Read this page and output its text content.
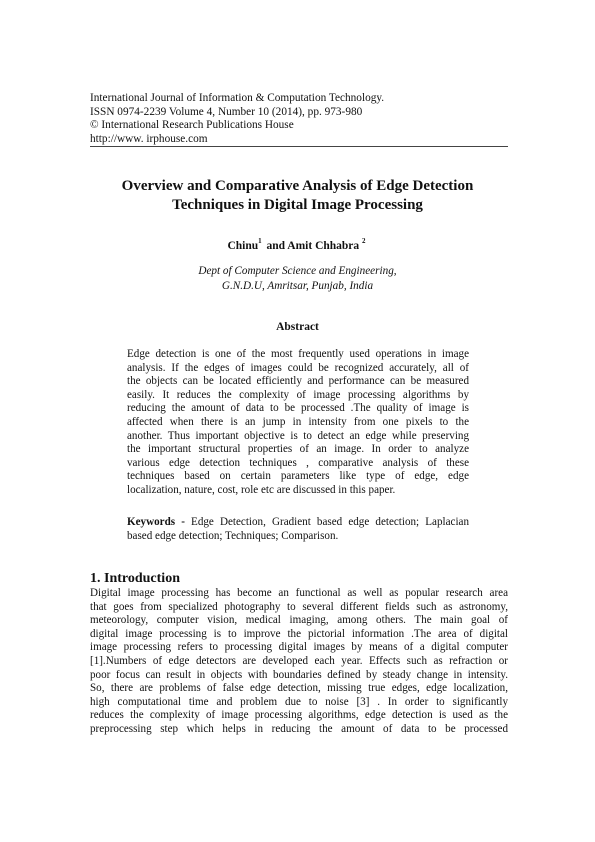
International Journal of Information & Computation Technology.
ISSN 0974-2239 Volume 4, Number 10 (2014), pp. 973-980
© International Research Publications House
http://www. irphouse.com
Overview and Comparative Analysis of Edge Detection
Techniques in Digital Image Processing
Chinu$^1$ and Amit Chhabra $^2$
Dept of Computer Science and Engineering,
G.N.D.U, Amritsar, Punjab, India
Abstract
Edge detection is one of the most frequently used operations in image
analysis. If the edges of images could be recognized accurately, all of
the objects can be located efficiently and performance can be measured
easily. It reduces the complexity of image processing algorithms by
reducing the amount of data to be processed .The quality of image is
affected when there is an jump in intensity from one pixels to the
another. Thus important objective is to detect an edge while preserving
the important structural properties of an image. In order to analyze
various edge detection techniques , comparative analysis of these
techniques based on certain parameters like type of edge, edge
localization, nature, cost, role etc are discussed in this paper.
Keywords - Edge Detection, Gradient based edge detection; Laplacian
based edge detection; Techniques; Comparison.
1. Introduction
Digital image processing has become an functional as well as popular research area
that goes from specialized photography to several different fields such as astronomy,
meteorology, computer vision, medical imaging, among others. The main goal of
digital image processing is to improve the pictorial information .The area of digital
image processing refers to processing digital images by means of a digital computer
[1].Numbers of edge detectors are developed each year. Effects such as refraction or
poor focus can result in objects with boundaries defined by steady change in intensity.
So, there are problems of false edge detection, missing true edges, edge localization,
high computational time and problem due to noise [3] . In order to significantly
reduces the complexity of image processing algorithms, edge detection is used as the
preprocessing step which helps in reducing the amount of data to be processed
